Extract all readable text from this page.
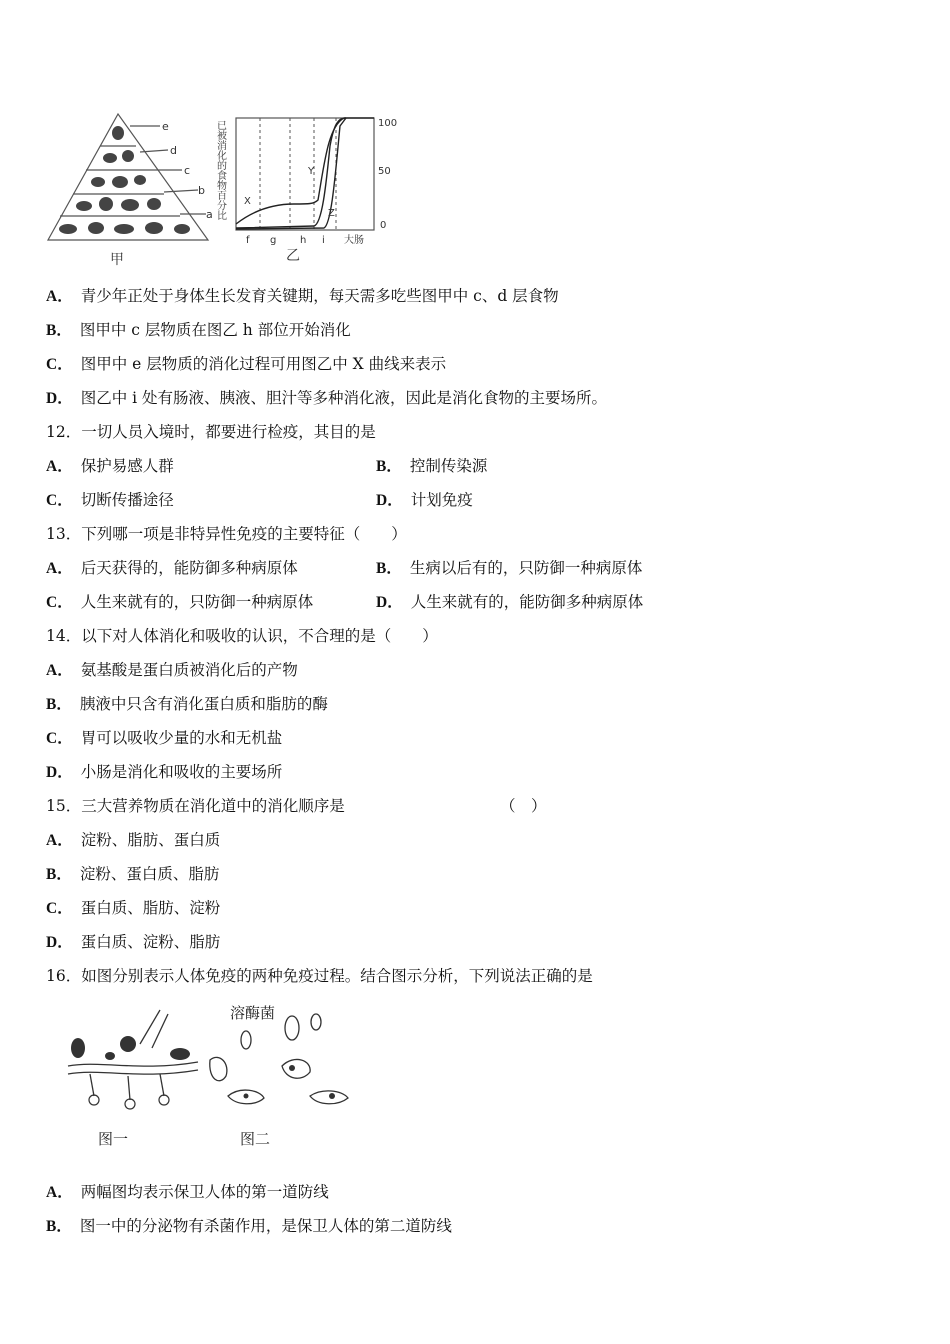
e
d
c
b
a
甲
已被消化的食物百分比 X
Y
Z
100
50
0
f g h i 大肠
乙
A． 青少年正处于身体生长发育关键期，每天需多吃些图甲中 c、d 层食物
B． 图甲中 c 层物质在图乙 h 部位开始消化
C． 图甲中 e 层物质的消化过程可用图乙中 X 曲线来表示
D． 图乙中 i 处有肠液、胰液、胆汁等多种消化液，因此是消化食物的主要场所。
12．一切人员入境时，都要进行检疫，其目的是
A． 保护易感人群	B． 控制传染源
C． 切断传播途径	D． 计划免疫
13．下列哪一项是非特异性免疫的主要特征（　　）
A． 后天获得的，能防御多种病原体	B． 生病以后有的，只防御一种病原体
C． 人生来就有的，只防御一种病原体	D． 人生来就有的，能防御多种病原体
14．以下对人体消化和吸收的认识，不合理的是（　　）
A． 氨基酸是蛋白质被消化后的产物
B． 胰液中只含有消化蛋白质和脂肪的酶
C． 胃可以吸收少量的水和无机盐
D． 小肠是消化和吸收的主要场所
15．三大营养物质在消化道中的消化顺序是	（　）
A． 淀粉、脂肪、蛋白质
B． 淀粉、蛋白质、脂肪
C． 蛋白质、脂肪、淀粉
D． 蛋白质、淀粉、脂肪
16．如图分别表示人体免疫的两种免疫过程。结合图示分析，下列说法正确的是
溶酶菌
图一	图二
A． 两幅图均表示保卫人体的第一道防线
B． 图一中的分泌物有杀菌作用，是保卫人体的第二道防线
